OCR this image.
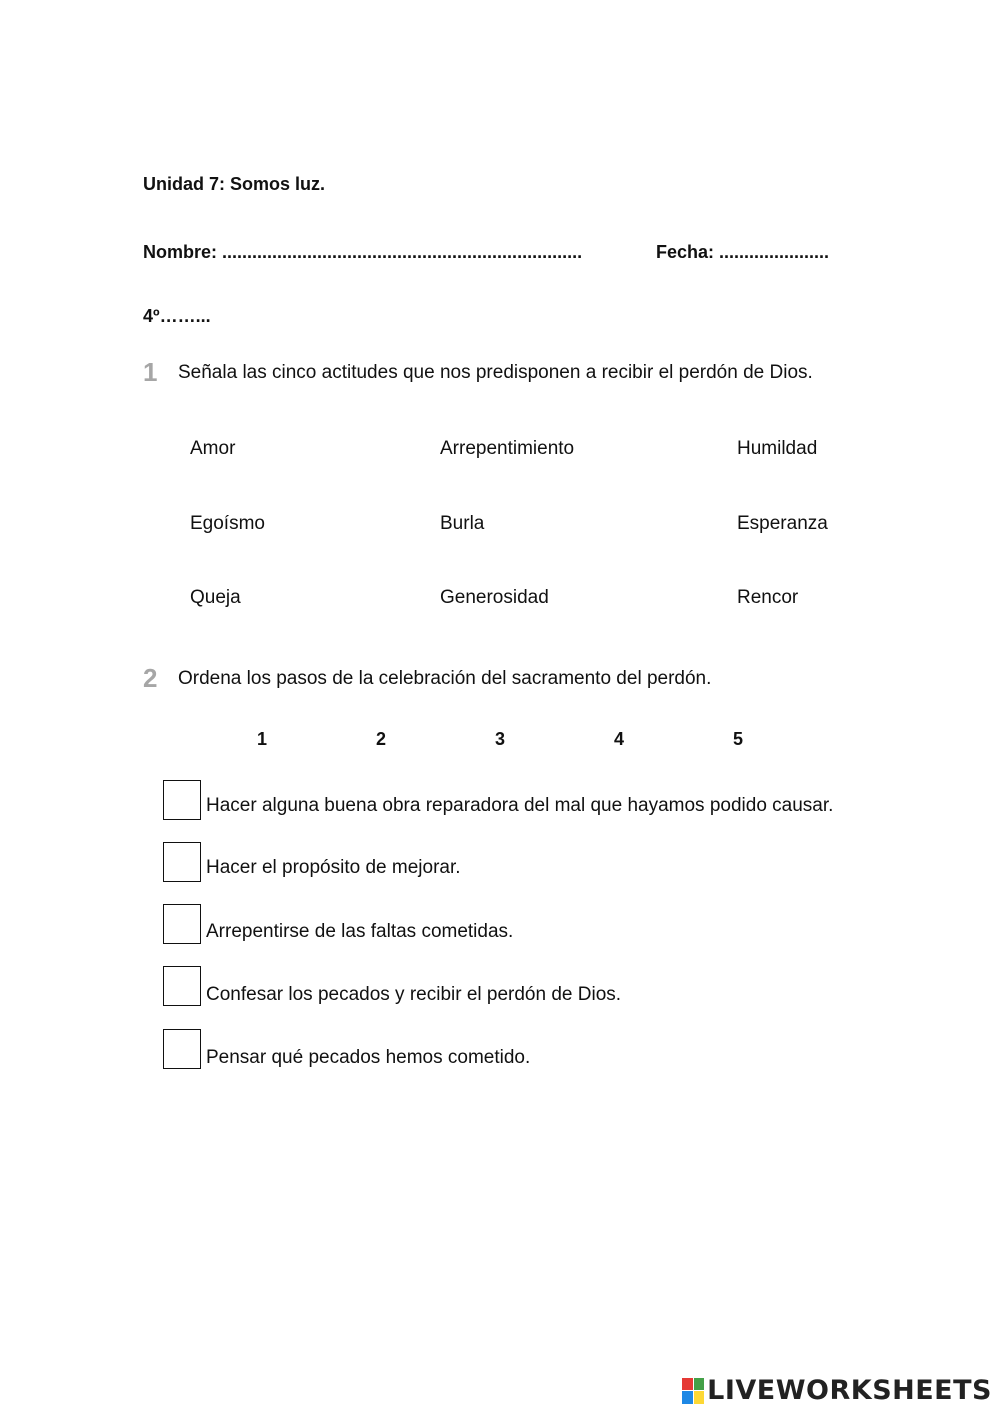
Unidad 7: Somos luz.
Nombre: ........................................................................	Fecha: ......................
4º……...
1 Señala las cinco actitudes que nos predisponen a recibir el perdón de Dios.
Amor	Arrepentimiento	Humildad
Egoísmo	Burla	Esperanza
Queja	Generosidad	Rencor
2 Ordena los pasos de la celebración del sacramento del perdón.
1	2	3	4	5
Hacer alguna buena obra reparadora del mal que hayamos podido causar.
Hacer el propósito de mejorar.
Arrepentirse de las faltas cometidas.
Confesar los pecados y recibir el perdón de Dios.
Pensar qué pecados hemos cometido.
LIVEWORKSHEETS
